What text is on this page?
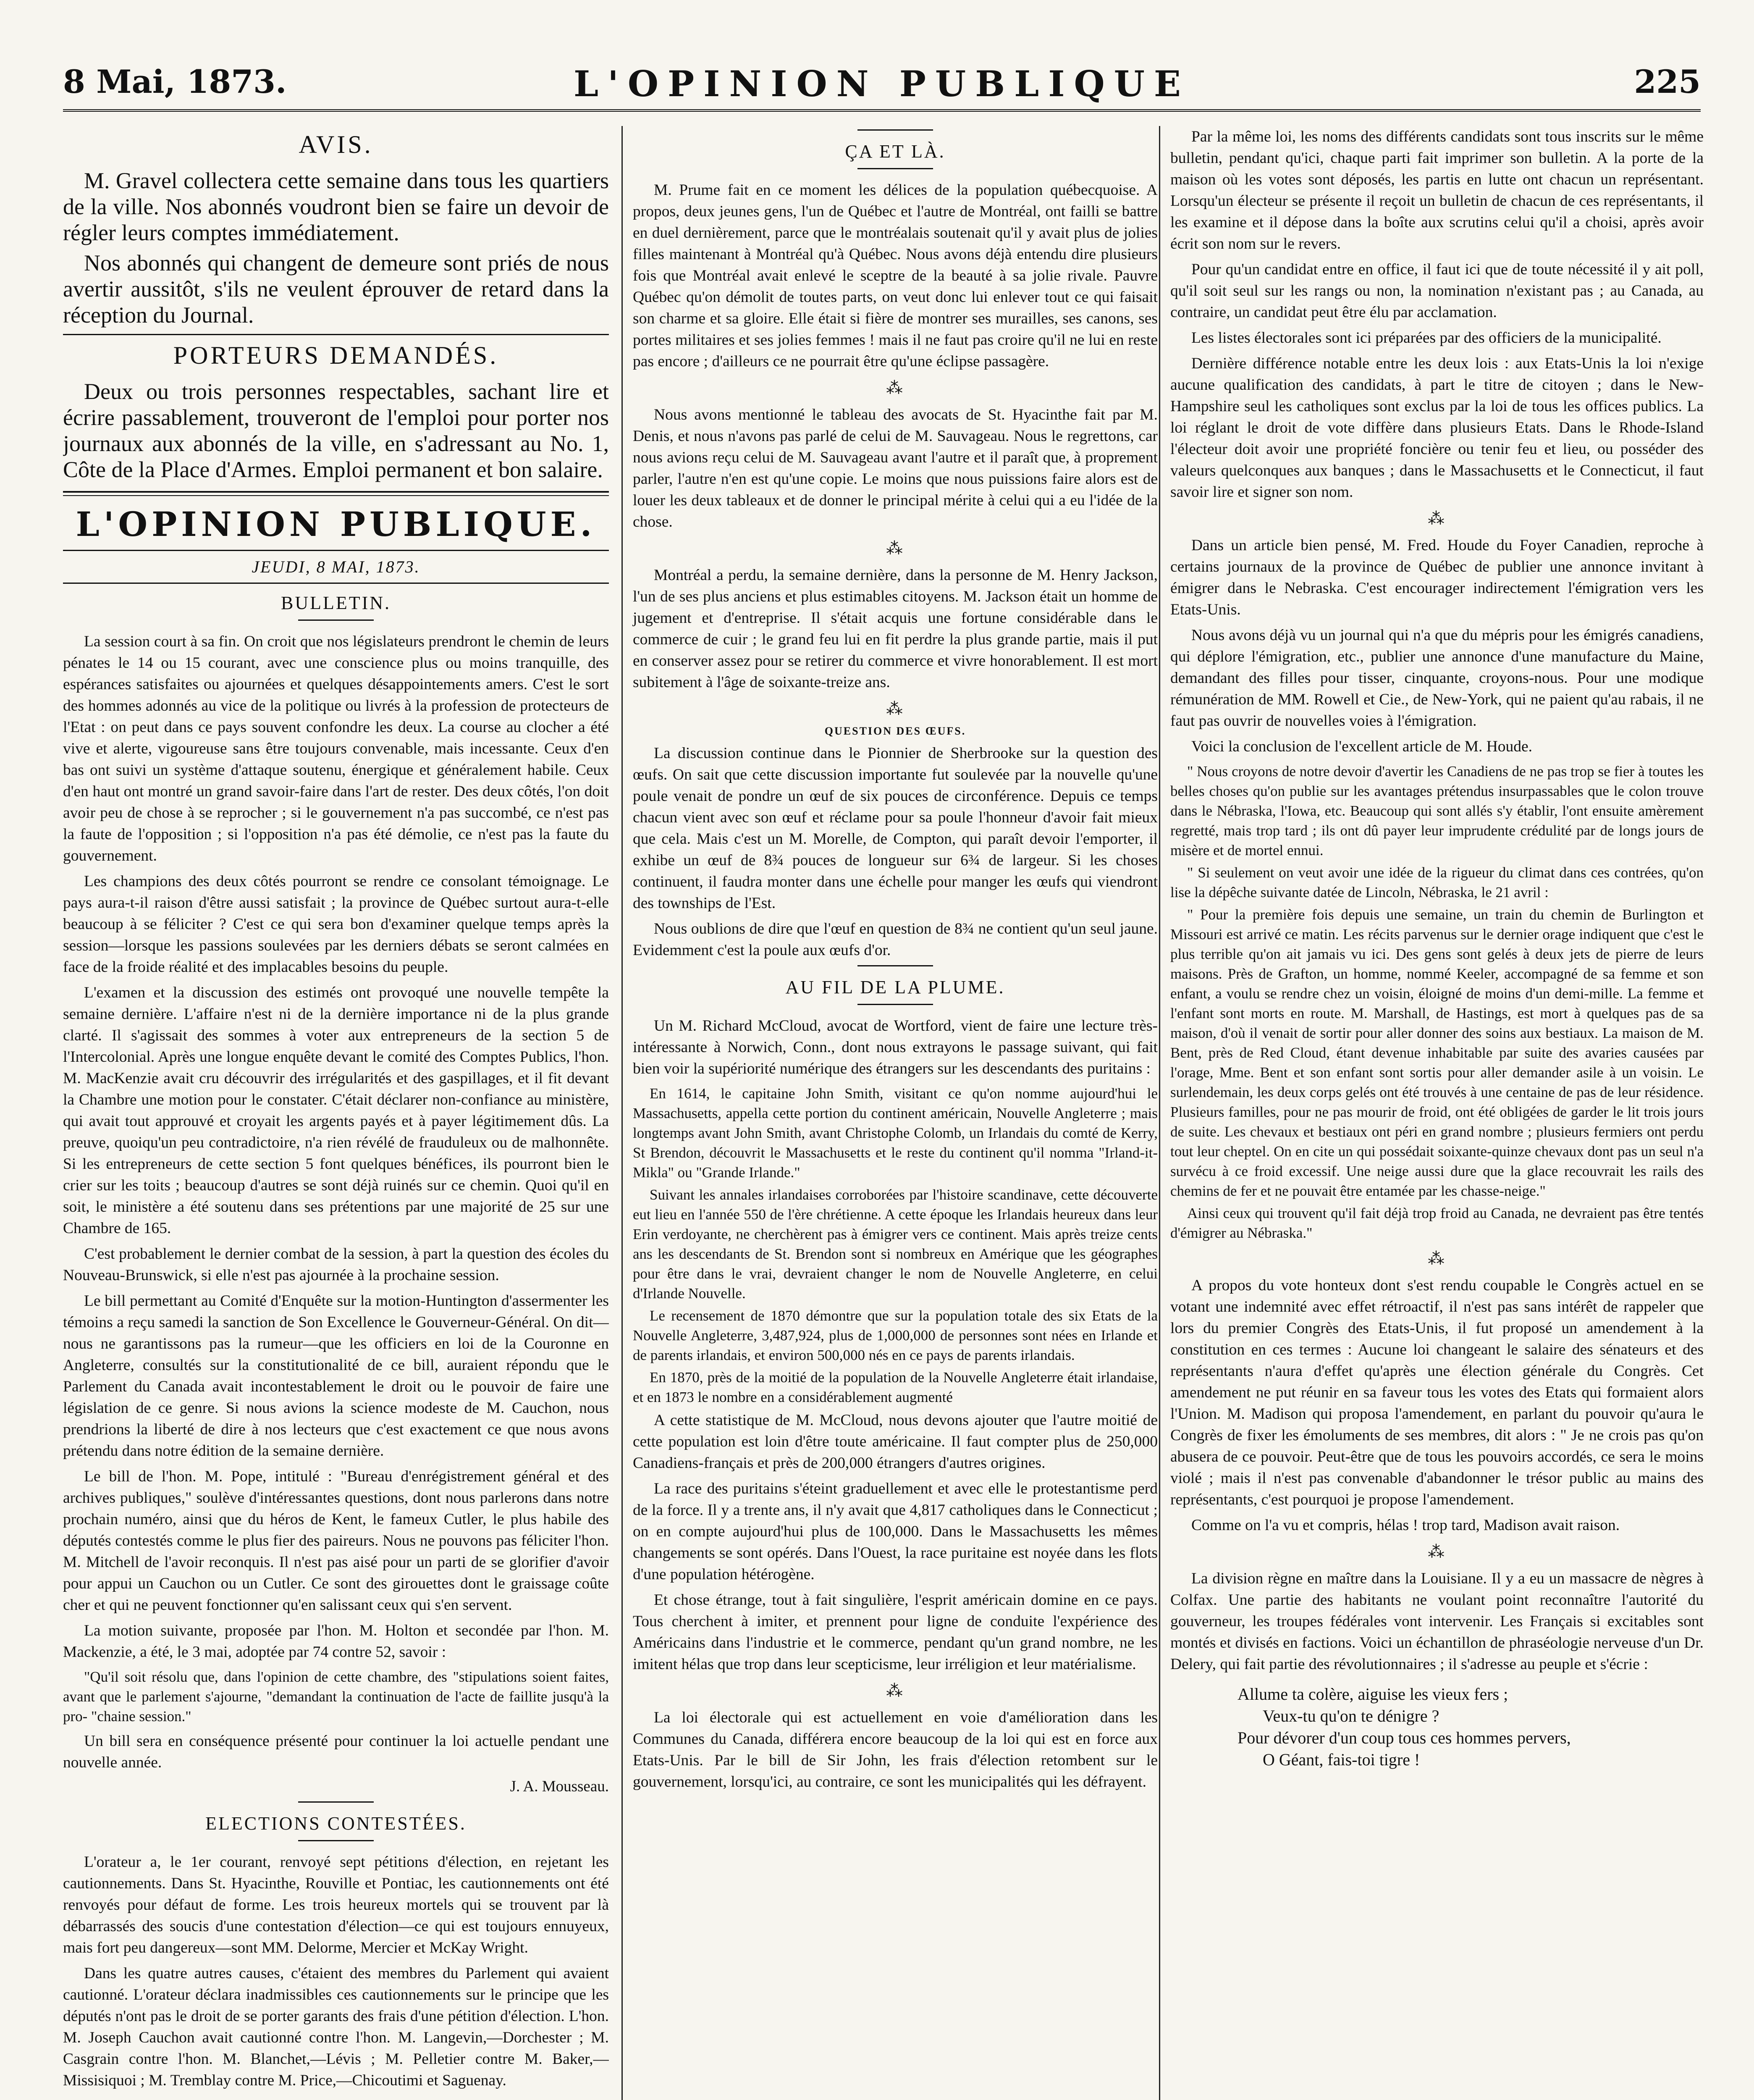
8 Mai, 1873.	L'OPINION PUBLIQUE	225
AVIS.

M. Gravel collectera cette semaine dans tous les quartiers de la ville. Nos abonnés voudront bien se faire un devoir de régler leurs comptes immédiatement.

Nos abonnés qui changent de demeure sont priés de nous avertir aussitôt, s'ils ne veulent éprouver de retard dans la réception du Journal.

PORTEURS DEMANDÉS.

Deux ou trois personnes respectables, sachant lire et écrire passablement, trouveront de l'emploi pour porter nos journaux aux abonnés de la ville, en s'adressant au No. 1, Côte de la Place d'Armes. Emploi permanent et bon salaire.

L'OPINION PUBLIQUE.
JEUDI, 8 MAI, 1873.
BULLETIN.

La session court à sa fin. On croit que nos législateurs prendront le chemin de leurs pénates le 14 ou 15 courant, avec une conscience plus ou moins tranquille, des espérances satisfaites ou ajournées et quelques désappointements amers. C'est le sort des hommes adonnés au vice de la politique ou livrés à la profession de protecteurs de l'Etat : on peut dans ce pays souvent confondre les deux. La course au clocher a été vive et alerte, vigoureuse sans être toujours convenable, mais incessante. Ceux d'en bas ont suivi un système d'attaque soutenu, énergique et généralement habile. Ceux d'en haut ont montré un grand savoir-faire dans l'art de rester. Des deux côtés, l'on doit avoir peu de chose à se reprocher ; si le gouvernement n'a pas succombé, ce n'est pas la faute de l'opposition ; si l'opposition n'a pas été démolie, ce n'est pas la faute du gouvernement.

Les champions des deux côtés pourront se rendre ce consolant témoignage. Le pays aura-t-il raison d'être aussi satisfait ; la province de Québec surtout aura-t-elle beaucoup à se féliciter ? C'est ce qui sera bon d'examiner quelque temps après la session—lorsque les passions soulevées par les derniers débats se seront calmées en face de la froide réalité et des implacables besoins du peuple.

L'examen et la discussion des estimés ont provoqué une nouvelle tempête la semaine dernière. L'affaire n'est ni de la dernière importance ni de la plus grande clarté. Il s'agissait des sommes à voter aux entrepreneurs de la section 5 de l'Intercolonial. Après une longue enquête devant le comité des Comptes Publics, l'hon. M. MacKenzie avait cru découvrir des irrégularités et des gaspillages, et il fit devant la Chambre une motion pour le constater. C'était déclarer non-confiance au ministère, qui avait tout approuvé et croyait les argents payés et à payer légitimement dûs. La preuve, quoiqu'un peu contradictoire, n'a rien révélé de frauduleux ou de malhonnête. Si les entrepreneurs de cette section 5 font quelques bénéfices, ils pourront bien le crier sur les toits ; beaucoup d'autres se sont déjà ruinés sur ce chemin. Quoi qu'il en soit, le ministère a été soutenu dans ses prétentions par une majorité de 25 sur une Chambre de 165.

C'est probablement le dernier combat de la session, à part la question des écoles du Nouveau-Brunswick, si elle n'est pas ajournée à la prochaine session.

Le bill permettant au Comité d'Enquête sur la motion-Huntington d'assermenter les témoins a reçu samedi la sanction de Son Excellence le Gouverneur-Général. On dit—nous ne garantissons pas la rumeur—que les officiers en loi de la Couronne en Angleterre, consultés sur la constitutionalité de ce bill, auraient répondu que le Parlement du Canada avait incontestablement le droit ou le pouvoir de faire une législation de ce genre. Si nous avions la science modeste de M. Cauchon, nous prendrions la liberté de dire à nos lecteurs que c'est exactement ce que nous avons prétendu dans notre édition de la semaine dernière.

Le bill de l'hon. M. Pope, intitulé : "Bureau d'enrégistrement général et des archives publiques," soulève d'intéressantes questions, dont nous parlerons dans notre prochain numéro, ainsi que du héros de Kent, le fameux Cutler, le plus habile des députés contestés comme le plus fier des paireurs. Nous ne pouvons pas féliciter l'hon. M. Mitchell de l'avoir reconquis. Il n'est pas aisé pour un parti de se glorifier d'avoir pour appui un Cauchon ou un Cutler. Ce sont des girouettes dont le graissage coûte cher et qui ne peuvent fonctionner qu'en salissant ceux qui s'en servent.

La motion suivante, proposée par l'hon. M. Holton et secondée par l'hon. M. Mackenzie, a été, le 3 mai, adoptée par 74 contre 52, savoir :

"Qu'il soit résolu que, dans l'opinion de cette chambre, des "stipulations soient faites, avant que le parlement s'ajourne, "demandant la continuation de l'acte de faillite jusqu'à la pro- "chaine session."

Un bill sera en conséquence présenté pour continuer la loi actuelle pendant une nouvelle année.

J. A. Mousseau.
ELECTIONS CONTESTÉES.

L'orateur a, le 1er courant, renvoyé sept pétitions d'élection, en rejetant les cautionnements. Dans St. Hyacinthe, Rouville et Pontiac, les cautionnements ont été renvoyés pour défaut de forme. Les trois heureux mortels qui se trouvent par là débarrassés des soucis d'une contestation d'élection—ce qui est toujours ennuyeux, mais fort peu dangereux—sont MM. Delorme, Mercier et McKay Wright.

Dans les quatre autres causes, c'étaient des membres du Parlement qui avaient cautionné. L'orateur déclara inadmissibles ces cautionnements sur le principe que les députés n'ont pas le droit de se porter garants des frais d'une pétition d'élection. L'hon. M. Joseph Cauchon avait cautionné contre l'hon. M. Langevin,—Dorchester ; M. Casgrain contre l'hon. M. Blanchet,—Lévis ; M. Pelletier contre M. Baker,—Missisiquoi ; M. Tremblay contre M. Price,—Chicoutimi et Saguenay.

ÇA ET LÀ.

M. Prume fait en ce moment les délices de la population québecquoise. A propos, deux jeunes gens, l'un de Québec et l'autre de Montréal, ont failli se battre en duel dernièrement, parce que le montréalais soutenait qu'il y avait plus de jolies filles maintenant à Montréal qu'à Québec. Nous avons déjà entendu dire plusieurs fois que Montréal avait enlevé le sceptre de la beauté à sa jolie rivale. Pauvre Québec qu'on démolit de toutes parts, on veut donc lui enlever tout ce qui faisait son charme et sa gloire. Elle était si fière de montrer ses murailles, ses canons, ses portes militaires et ses jolies femmes ! mais il ne faut pas croire qu'il ne lui en reste pas encore ; d'ailleurs ce ne pourrait être qu'une éclipse passagère.

⁂

Nous avons mentionné le tableau des avocats de St. Hyacinthe fait par M. Denis, et nous n'avons pas parlé de celui de M. Sauvageau. Nous le regrettons, car nous avions reçu celui de M. Sauvageau avant l'autre et il paraît que, à proprement parler, l'autre n'en est qu'une copie. Le moins que nous puissions faire alors est de louer les deux tableaux et de donner le principal mérite à celui qui a eu l'idée de la chose.

⁂

Montréal a perdu, la semaine dernière, dans la personne de M. Henry Jackson, l'un de ses plus anciens et plus estimables citoyens. M. Jackson était un homme de jugement et d'entreprise. Il s'était acquis une fortune considérable dans le commerce de cuir ; le grand feu lui en fit perdre la plus grande partie, mais il put en conserver assez pour se retirer du commerce et vivre honorablement. Il est mort subitement à l'âge de soixante-treize ans.

⁂
QUESTION DES ŒUFS.

La discussion continue dans le Pionnier de Sherbrooke sur la question des œufs. On sait que cette discussion importante fut soulevée par la nouvelle qu'une poule venait de pondre un œuf de six pouces de circonférence. Depuis ce temps chacun vient avec son œuf et réclame pour sa poule l'honneur d'avoir fait mieux que cela. Mais c'est un M. Morelle, de Compton, qui paraît devoir l'emporter, il exhibe un œuf de 8¾ pouces de longueur sur 6¾ de largeur. Si les choses continuent, il faudra monter dans une échelle pour manger les œufs qui viendront des townships de l'Est.

Nous oublions de dire que l'œuf en question de 8¾ ne contient qu'un seul jaune. Evidemment c'est la poule aux œufs d'or.

AU FIL DE LA PLUME.

Un M. Richard McCloud, avocat de Wortford, vient de faire une lecture très-intéressante à Norwich, Conn., dont nous extrayons le passage suivant, qui fait bien voir la supériorité numérique des étrangers sur les descendants des puritains :

En 1614, le capitaine John Smith, visitant ce qu'on nomme aujourd'hui le Massachusetts, appella cette portion du continent américain, Nouvelle Angleterre ; mais longtemps avant John Smith, avant Christophe Colomb, un Irlandais du comté de Kerry, St Brendon, découvrit le Massachusetts et le reste du continent qu'il nomma "Irland-it-Mikla" ou "Grande Irlande."

Suivant les annales irlandaises corroborées par l'histoire scandinave, cette découverte eut lieu en l'année 550 de l'ère chrétienne. A cette époque les Irlandais heureux dans leur Erin verdoyante, ne cherchèrent pas à émigrer vers ce continent. Mais après treize cents ans les descendants de St. Brendon sont si nombreux en Amérique que les géographes pour être dans le vrai, devraient changer le nom de Nouvelle Angleterre, en celui d'Irlande Nouvelle.

Le recensement de 1870 démontre que sur la population totale des six Etats de la Nouvelle Angleterre, 3,487,924, plus de 1,000,000 de personnes sont nées en Irlande et de parents irlandais, et environ 500,000 nés en ce pays de parents irlandais.

En 1870, près de la moitié de la population de la Nouvelle Angleterre était irlandaise, et en 1873 le nombre en a considérablement augmenté

A cette statistique de M. McCloud, nous devons ajouter que l'autre moitié de cette population est loin d'être toute américaine. Il faut compter plus de 250,000 Canadiens-français et près de 200,000 étrangers d'autres origines.

La race des puritains s'éteint graduellement et avec elle le protestantisme perd de la force. Il y a trente ans, il n'y avait que 4,817 catholiques dans le Connecticut ; on en compte aujourd'hui plus de 100,000. Dans le Massachusetts les mêmes changements se sont opérés. Dans l'Ouest, la race puritaine est noyée dans les flots d'une population hétérogène.

Et chose étrange, tout à fait singulière, l'esprit américain domine en ce pays. Tous cherchent à imiter, et prennent pour ligne de conduite l'expérience des Américains dans l'industrie et le commerce, pendant qu'un grand nombre, ne les imitent hélas que trop dans leur scepticisme, leur irréligion et leur matérialisme.

⁂

La loi électorale qui est actuellement en voie d'amélioration dans les Communes du Canada, différera encore beaucoup de la loi qui est en force aux Etats-Unis. Par le bill de Sir John, les frais d'élection retombent sur le gouvernement, lorsqu'ici, au contraire, ce sont les municipalités qui les défrayent.

Par la même loi, les noms des différents candidats sont tous inscrits sur le même bulletin, pendant qu'ici, chaque parti fait imprimer son bulletin. A la porte de la maison où les votes sont déposés, les partis en lutte ont chacun un représentant. Lorsqu'un électeur se présente il reçoit un bulletin de chacun de ces représentants, il les examine et il dépose dans la boîte aux scrutins celui qu'il a choisi, après avoir écrit son nom sur le revers.

Pour qu'un candidat entre en office, il faut ici que de toute nécessité il y ait poll, qu'il soit seul sur les rangs ou non, la nomination n'existant pas ; au Canada, au contraire, un candidat peut être élu par acclamation.

Les listes électorales sont ici préparées par des officiers de la municipalité.

Dernière différence notable entre les deux lois : aux Etats-Unis la loi n'exige aucune qualification des candidats, à part le titre de citoyen ; dans le New-Hampshire seul les catholiques sont exclus par la loi de tous les offices publics. La loi réglant le droit de vote diffère dans plusieurs Etats. Dans le Rhode-Island l'électeur doit avoir une propriété foncière ou tenir feu et lieu, ou posséder des valeurs quelconques aux banques ; dans le Massachusetts et le Connecticut, il faut savoir lire et signer son nom.

⁂

Dans un article bien pensé, M. Fred. Houde du Foyer Canadien, reproche à certains journaux de la province de Québec de publier une annonce invitant à émigrer dans le Nebraska. C'est encourager indirectement l'émigration vers les Etats-Unis.

Nous avons déjà vu un journal qui n'a que du mépris pour les émigrés canadiens, qui déplore l'émigration, etc., publier une annonce d'une manufacture du Maine, demandant des filles pour tisser, cinquante, croyons-nous. Pour une modique rémunération de MM. Rowell et Cie., de New-York, qui ne paient qu'au rabais, il ne faut pas ouvrir de nouvelles voies à l'émigration.

Voici la conclusion de l'excellent article de M. Houde.

" Nous croyons de notre devoir d'avertir les Canadiens de ne pas trop se fier à toutes les belles choses qu'on publie sur les avantages prétendus insurpassables que le colon trouve dans le Nébraska, l'Iowa, etc. Beaucoup qui sont allés s'y établir, l'ont ensuite amèrement regretté, mais trop tard ; ils ont dû payer leur imprudente crédulité par de longs jours de misère et de mortel ennui.

" Si seulement on veut avoir une idée de la rigueur du climat dans ces contrées, qu'on lise la dépêche suivante datée de Lincoln, Nébraska, le 21 avril :

" Pour la première fois depuis une semaine, un train du chemin de Burlington et Missouri est arrivé ce matin. Les récits parvenus sur le dernier orage indiquent que c'est le plus terrible qu'on ait jamais vu ici. Des gens sont gelés à deux jets de pierre de leurs maisons. Près de Grafton, un homme, nommé Keeler, accompagné de sa femme et son enfant, a voulu se rendre chez un voisin, éloigné de moins d'un demi-mille. La femme et l'enfant sont morts en route. M. Marshall, de Hastings, est mort à quelques pas de sa maison, d'où il venait de sortir pour aller donner des soins aux bestiaux. La maison de M. Bent, près de Red Cloud, étant devenue inhabitable par suite des avaries causées par l'orage, Mme. Bent et son enfant sont sortis pour aller demander asile à un voisin. Le surlendemain, les deux corps gelés ont été trouvés à une centaine de pas de leur résidence. Plusieurs familles, pour ne pas mourir de froid, ont été obligées de garder le lit trois jours de suite. Les chevaux et bestiaux ont péri en grand nombre ; plusieurs fermiers ont perdu tout leur cheptel. On en cite un qui possédait soixante-quinze chevaux dont pas un seul n'a survécu à ce froid excessif. Une neige aussi dure que la glace recouvrait les rails des chemins de fer et ne pouvait être entamée par les chasse-neige."

Ainsi ceux qui trouvent qu'il fait déjà trop froid au Canada, ne devraient pas être tentés d'émigrer au Nébraska."

⁂

A propos du vote honteux dont s'est rendu coupable le Congrès actuel en se votant une indemnité avec effet rétroactif, il n'est pas sans intérêt de rappeler que lors du premier Congrès des Etats-Unis, il fut proposé un amendement à la constitution en ces termes : Aucune loi changeant le salaire des sénateurs et des représentants n'aura d'effet qu'après une élection générale du Congrès. Cet amendement ne put réunir en sa faveur tous les votes des Etats qui formaient alors l'Union. M. Madison qui proposa l'amendement, en parlant du pouvoir qu'aura le Congrès de fixer les émoluments de ses membres, dit alors : " Je ne crois pas qu'on abusera de ce pouvoir. Peut-être que de tous les pouvoirs accordés, ce sera le moins violé ; mais il n'est pas convenable d'abandonner le trésor public au mains des représentants, c'est pourquoi je propose l'amendement.

Comme on l'a vu et compris, hélas ! trop tard, Madison avait raison.

⁂

La division règne en maître dans la Louisiane. Il y a eu un massacre de nègres à Colfax. Une partie des habitants ne voulant point reconnaître l'autorité du gouverneur, les troupes fédérales vont intervenir. Les Français si excitables sont montés et divisés en factions. Voici un échantillon de phraséologie nerveuse d'un Dr. Delery, qui fait partie des révolutionnaires ; il s'adresse au peuple et s'écrie :

Allume ta colère, aiguise les vieux fers ;
Veux-tu qu'on te dénigre ?
Pour dévorer d'un coup tous ces hommes pervers,
O Géant, fais-toi tigre !
